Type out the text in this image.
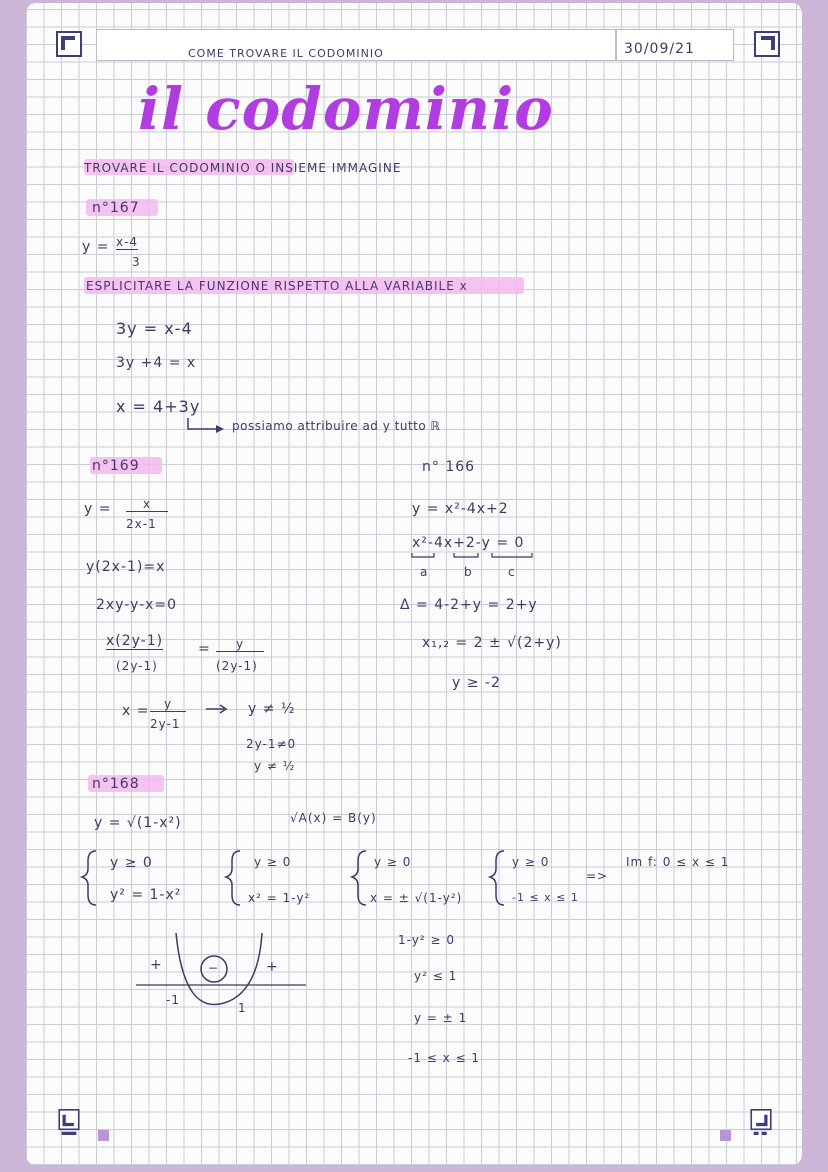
COME TROVARE IL CODOMINIO	30/09/21
il codominio
TROVARE IL CODOMINIO O INSIEME IMMAGINE
n°167
y = x-4
3
ESPLICITARE LA FUNZIONE RISPETTO ALLA VARIABILE x
3y = x-4
3y +4 = x
x = 4+3y
possiamo attribuire ad y tutto ℝ
n°169
y =	x
2x-1
y(2x-1)=x
2xy-y-x=0
x(2y-1)
(2y-1)
=	y
(2y-1)
x =	y
2y-1
y ≠ ½
2y-1≠0
y ≠ ½
n° 166
y = x²-4x+2
x²-4x+2-y = 0
a	b	c
Δ = 4-2+y = 2+y
x₁,₂ = 2 ± √(2+y)
y ≥ -2
n°168
y = √(1-x²)	√A(x) = B(y)
y ≥ 0
y² = 1-x²
y ≥ 0
x² = 1-y²
y ≥ 0
x = ± √(1-y²)
y ≥ 0
-1 ≤ x ≤ 1
=>
Im f: 0 ≤ x ≤ 1
1-y² ≥ 0
y² ≤ 1
y = ± 1
-1 ≤ x ≤ 1
+	−	+
-1
1
